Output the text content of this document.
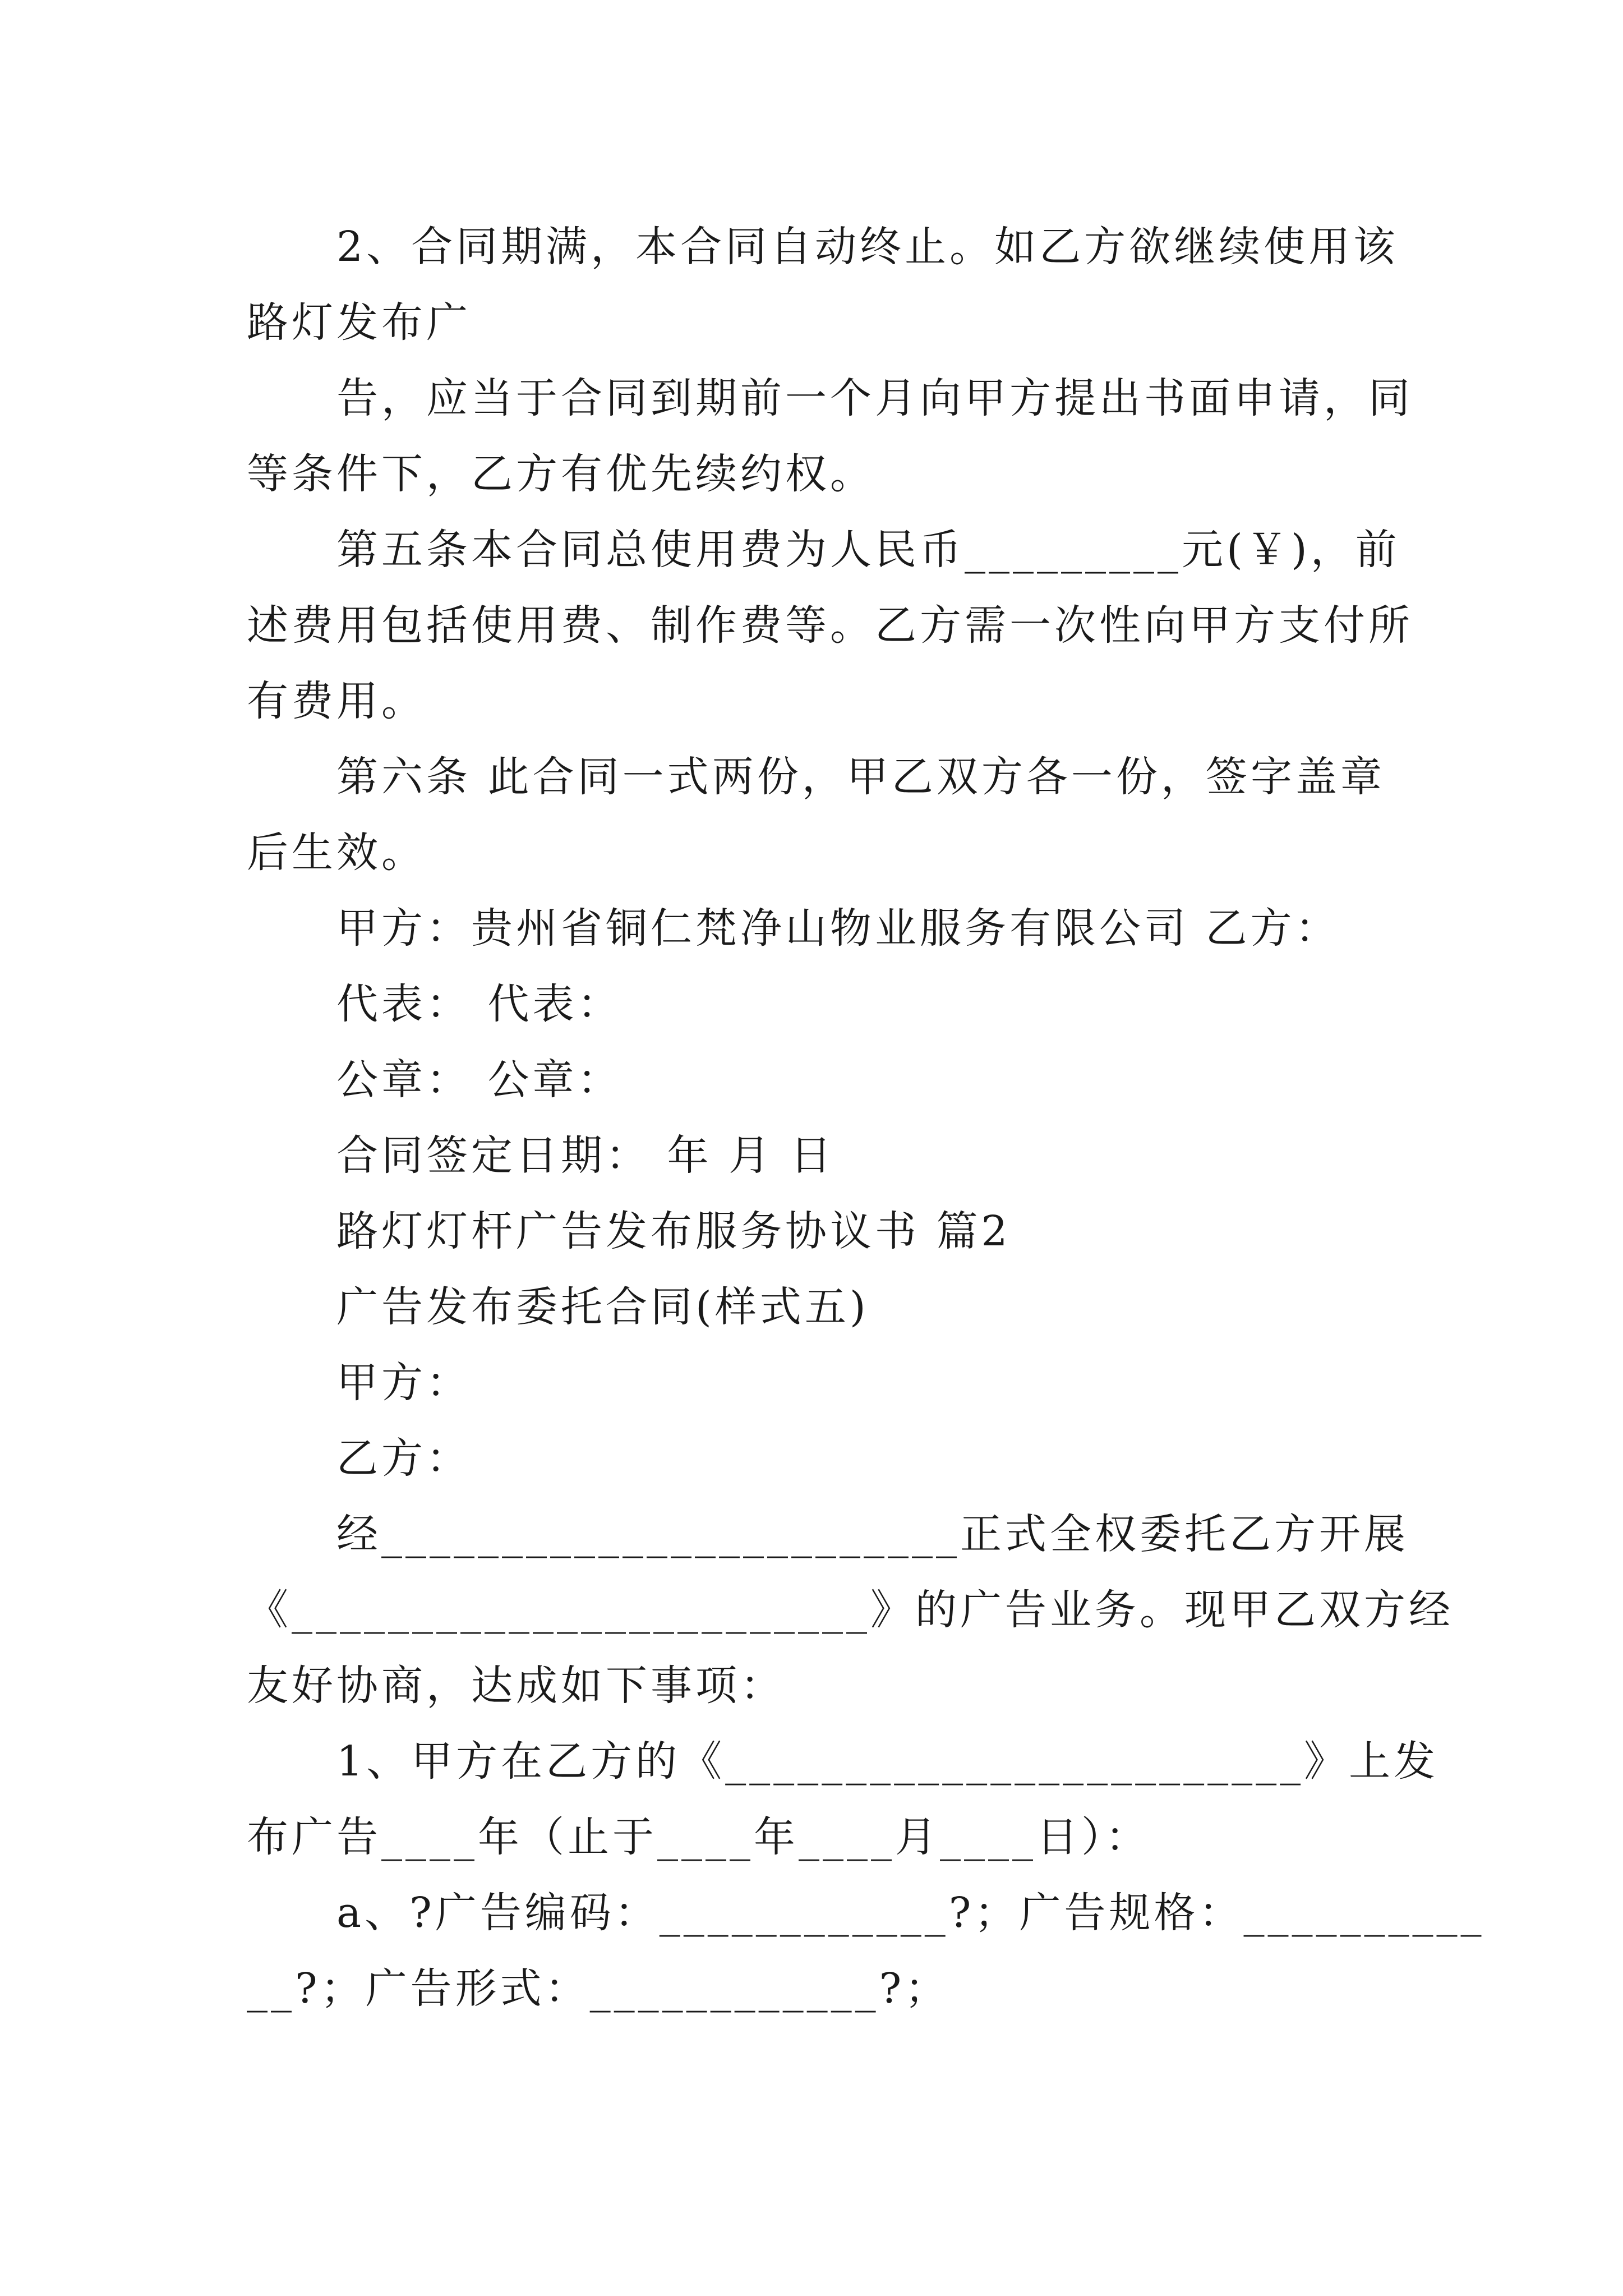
2、合同期满，本合同自动终止。如乙方欲继续使用该
路灯发布广
告，应当于合同到期前一个月向甲方提出书面申请，同
等条件下，乙方有优先续约权。
第五条本合同总使用费为人民币_________元(￥)，前
述费用包括使用费、制作费等。乙方需一次性向甲方支付所
有费用。
第六条 此合同一式两份，甲乙双方各一份，签字盖章
后生效。
甲方：贵州省铜仁梵净山物业服务有限公司 乙方：
代表： 代表：
公章： 公章：
合同签定日期： 年 月 日
路灯灯杆广告发布服务协议书 篇2
广告发布委托合同(样式五)
甲方：
乙方：
经________________________正式全权委托乙方开展
《________________________》的广告业务。现甲乙双方经
友好协商，达成如下事项：
1、甲方在乙方的《________________________》上发
布广告____年（止于____年____月____日）：
a、?广告编码：____________?；广告规格：__________
__?；广告形式：____________?；
